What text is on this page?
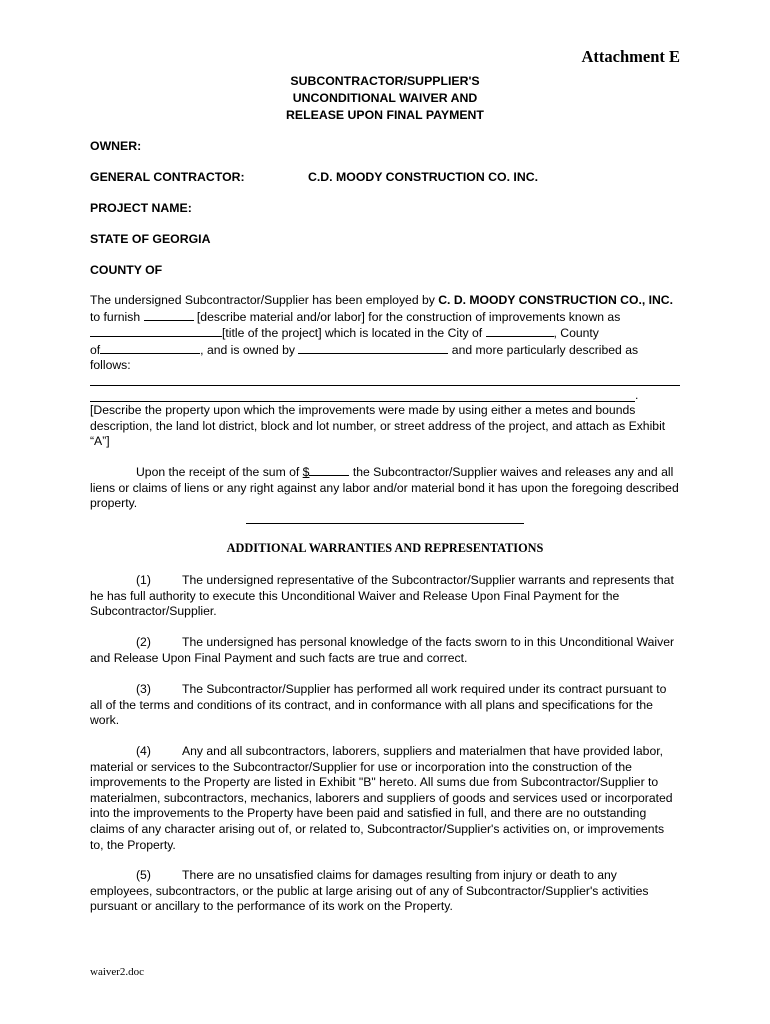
Attachment E
SUBCONTRACTOR/SUPPLIER'S
UNCONDITIONAL WAIVER AND
RELEASE UPON FINAL PAYMENT
OWNER:
GENERAL CONTRACTOR:	C.D. MOODY CONSTRUCTION CO. INC.
PROJECT NAME:
STATE OF GEORGIA
COUNTY OF
The undersigned Subcontractor/Supplier has been employed by C. D. MOODY CONSTRUCTION CO., INC. to furnish	[describe material and/or labor] for the construction of improvements known as
[title of the project] which is located in the City of	, County
of	, and is owned by	and more particularly described as follows:
.
[Describe the property upon which the improvements were made by using either a metes and bounds description, the land lot district, block and lot number, or street address of the project, and attach as Exhibit “A”]
Upon the receipt of the sum of $	the Subcontractor/Supplier waives and releases any and all liens or claims of liens or any right against any labor and/or material bond it has upon the foregoing described property.
ADDITIONAL WARRANTIES AND REPRESENTATIONS
(1)	The undersigned representative of the Subcontractor/Supplier warrants and represents that he has full authority to execute this Unconditional Waiver and Release Upon Final Payment for the Subcontractor/Supplier.
(2)	The undersigned has personal knowledge of the facts sworn to in this Unconditional Waiver and Release Upon Final Payment and such facts are true and correct.
(3)	The Subcontractor/Supplier has performed all work required under its contract pursuant to all of the terms and conditions of its contract, and in conformance with all plans and specifications for the work.
(4)	Any and all subcontractors, laborers, suppliers and materialmen that have provided labor, material or services to the Subcontractor/Supplier for use or incorporation into the construction of the improvements to the Property are listed in Exhibit "B" hereto. All sums due from Subcontractor/Supplier to materialmen, subcontractors, mechanics, laborers and suppliers of goods and services used or incorporated into the improvements to the Property have been paid and satisfied in full, and there are no outstanding claims of any character arising out of, or related to, Subcontractor/Supplier's activities on, or improvements to, the Property.
(5)	There are no unsatisfied claims for damages resulting from injury or death to any employees, subcontractors, or the public at large arising out of any of Subcontractor/Supplier's activities pursuant or ancillary to the performance of its work on the Property.
waiver2.doc
